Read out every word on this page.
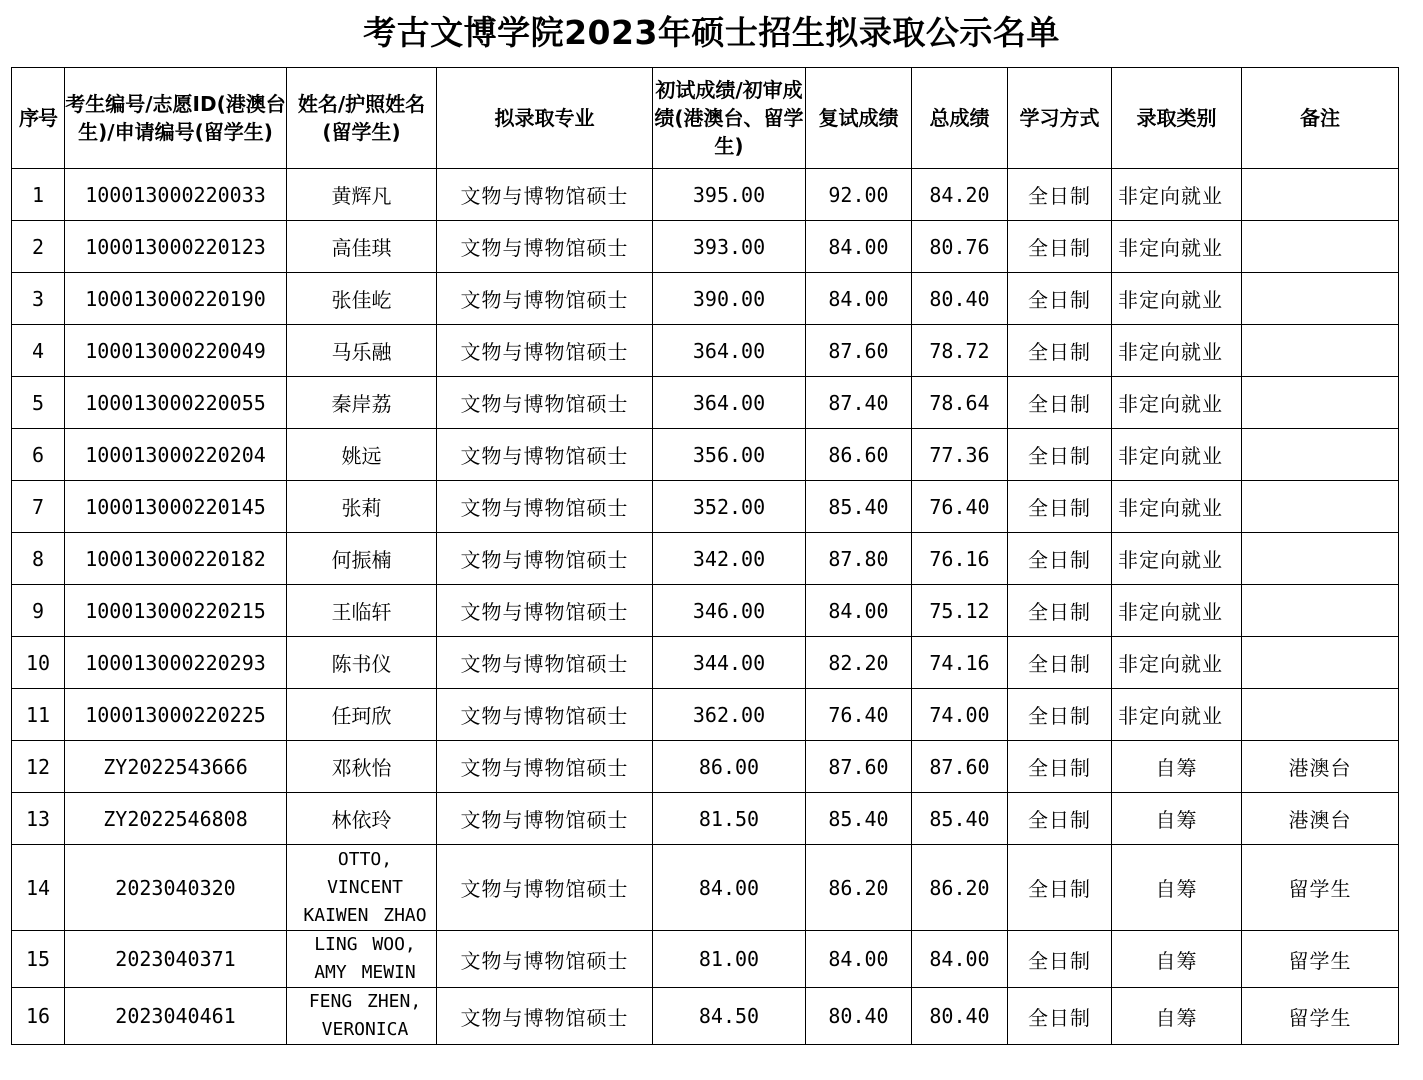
考古文博学院2023年硕士招生拟录取公示名单
序号	考生编号/志愿ID(港澳台生)/申请编号(留学生)	姓名/护照姓名(留学生)	拟录取专业	初试成绩/初审成绩(港澳台、留学生)	复试成绩	总成绩	学习方式	录取类别	备注
1	100013000220033	黄辉凡	文物与博物馆硕士	395.00	92.00	84.20	全日制	非定向就业	
2	100013000220123	高佳琪	文物与博物馆硕士	393.00	84.00	80.76	全日制	非定向就业	
3	100013000220190	张佳屹	文物与博物馆硕士	390.00	84.00	80.40	全日制	非定向就业	
4	100013000220049	马乐融	文物与博物馆硕士	364.00	87.60	78.72	全日制	非定向就业	
5	100013000220055	秦岸荔	文物与博物馆硕士	364.00	87.40	78.64	全日制	非定向就业	
6	100013000220204	姚远	文物与博物馆硕士	356.00	86.60	77.36	全日制	非定向就业	
7	100013000220145	张莉	文物与博物馆硕士	352.00	85.40	76.40	全日制	非定向就业	
8	100013000220182	何振楠	文物与博物馆硕士	342.00	87.80	76.16	全日制	非定向就业	
9	100013000220215	王临轩	文物与博物馆硕士	346.00	84.00	75.12	全日制	非定向就业	
10	100013000220293	陈书仪	文物与博物馆硕士	344.00	82.20	74.16	全日制	非定向就业	
11	100013000220225	任珂欣	文物与博物馆硕士	362.00	76.40	74.00	全日制	非定向就业	
12	ZY2022543666	邓秋怡	文物与博物馆硕士	86.00	87.60	87.60	全日制	自筹	港澳台
13	ZY2022546808	林依玲	文物与博物馆硕士	81.50	85.40	85.40	全日制	自筹	港澳台
14	2023040320	OTTO, VINCENT KAIWEN ZHAO	文物与博物馆硕士	84.00	86.20	86.20	全日制	自筹	留学生
15	2023040371	LING WOO, AMY MEWIN	文物与博物馆硕士	81.00	84.00	84.00	全日制	自筹	留学生
16	2023040461	FENG ZHEN, VERONICA	文物与博物馆硕士	84.50	80.40	80.40	全日制	自筹	留学生
